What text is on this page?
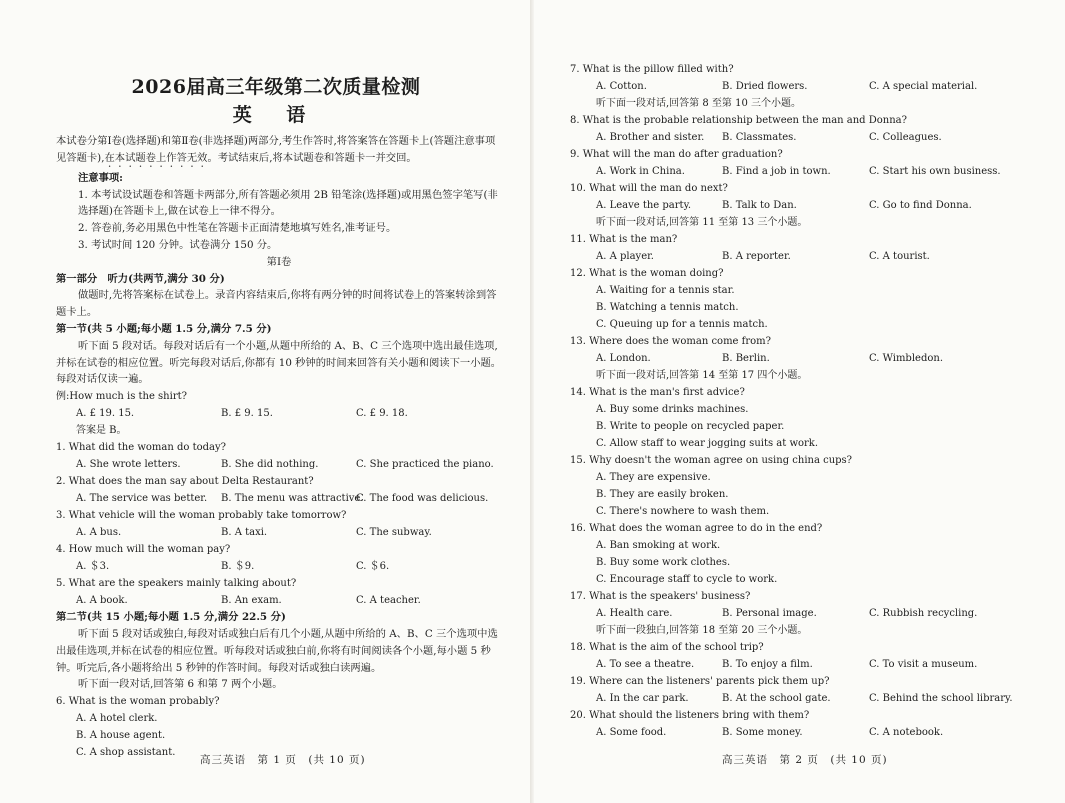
2026届高三年级第二次质量检测
英 语

本试卷分第Ⅰ卷(选择题)和第Ⅱ卷(非选择题)两部分,考生作答时,将答案答在答题卡上(答题注意事项见答题卡),在本试题卷上作答无效。考试结束后,将本试题卷和答题卡一并交回。

注意事项:

1. 本考试设试题卷和答题卡两部分,所有答题必须用 2B 铅笔涂(选择题)或用黑色签字笔写(非选择题)在答题卡上,做在试卷上一律不得分。

2. 答卷前,务必用黑色中性笔在答题卡正面清楚地填写姓名,准考证号。

3. 考试时间 120 分钟。试卷满分 150 分。

第Ⅰ卷

第一部分　听力(共两节,满分 30 分)

做题时,先将答案标在试卷上。录音内容结束后,你将有两分钟的时间将试卷上的答案转涂到答题卡上。

第一节(共 5 小题;每小题 1.5 分,满分 7.5 分)

听下面 5 段对话。每段对话后有一个小题,从题中所给的 A、B、C 三个选项中选出最佳选项,并标在试卷的相应位置。听完每段对话后,你都有 10 秒钟的时间来回答有关小题和阅读下一小题。每段对话仅读一遍。

例:How much is the shirt?

A. £ 19. 15.	B. £ 9. 15.	C. £ 9. 18.

答案是 B。

1. What did the woman do today?

A. She wrote letters.	B. She did nothing.	C. She practiced the piano.

2. What does the man say about Delta Restaurant?

A. The service was better.	B. The menu was attractive.
C. The food was delicious.

3. What vehicle will the woman probably take tomorrow?

A. A bus.	B. A taxi.	C. The subway.

4. How much will the woman pay?

A. ＄3.	B. ＄9.	C. ＄6.

5. What are the speakers mainly talking about?

A. A book.	B. An exam.	C. A teacher.

第二节(共 15 小题;每小题 1.5 分,满分 22.5 分)

听下面 5 段对话或独白,每段对话或独白后有几个小题,从题中所给的 A、B、C 三个选项中选出最佳选项,并标在试卷的相应位置。听每段对话或独白前,你将有时间阅读各个小题,每小题 5 秒钟。听完后,各小题将给出 5 秒钟的作答时间。每段对话或独白读两遍。

听下面一段对话,回答第 6 和第 7 两个小题。

6. What is the woman probably?

A. A hotel clerk.
B. A house agent.
C. A shop assistant.
高三英语　第 1 页　(共 10 页)

7. What is the pillow filled with?

A. Cotton.	B. Dried flowers.	C. A special material.

听下面一段对话,回答第 8 至第 10 三个小题。

8. What is the probable relationship between the man and Donna?

A. Brother and sister.	B. Classmates.	C. Colleagues.

9. What will the man do after graduation?

A. Work in China.	B. Find a job in town.	C. Start his own business.

10. What will the man do next?

A. Leave the party.	B. Talk to Dan.	C. Go to find Donna.

听下面一段对话,回答第 11 至第 13 三个小题。

11. What is the man?

A. A player.	B. A reporter.	C. A tourist.

12. What is the woman doing?

A. Waiting for a tennis star.
B. Watching a tennis match.
C. Queuing up for a tennis match.

13. Where does the woman come from?

A. London.	B. Berlin.	C. Wimbledon.

听下面一段对话,回答第 14 至第 17 四个小题。

14. What is the man's first advice?

A. Buy some drinks machines.
B. Write to people on recycled paper.
C. Allow staff to wear jogging suits at work.

15. Why doesn't the woman agree on using china cups?

A. They are expensive.
B. They are easily broken.
C. There's nowhere to wash them.

16. What does the woman agree to do in the end?

A. Ban smoking at work.
B. Buy some work clothes.
C. Encourage staff to cycle to work.

17. What is the speakers' business?

A. Health care.	B. Personal image.	C. Rubbish recycling.

听下面一段独白,回答第 18 至第 20 三个小题。

18. What is the aim of the school trip?

A. To see a theatre.	B. To enjoy a film.	C. To visit a museum.

19. Where can the listeners' parents pick them up?

A. In the car park.	B. At the school gate.	C. Behind the school library.

20. What should the listeners bring with them?

A. Some food.	B. Some money.	C. A notebook.
高三英语　第 2 页　(共 10 页)
